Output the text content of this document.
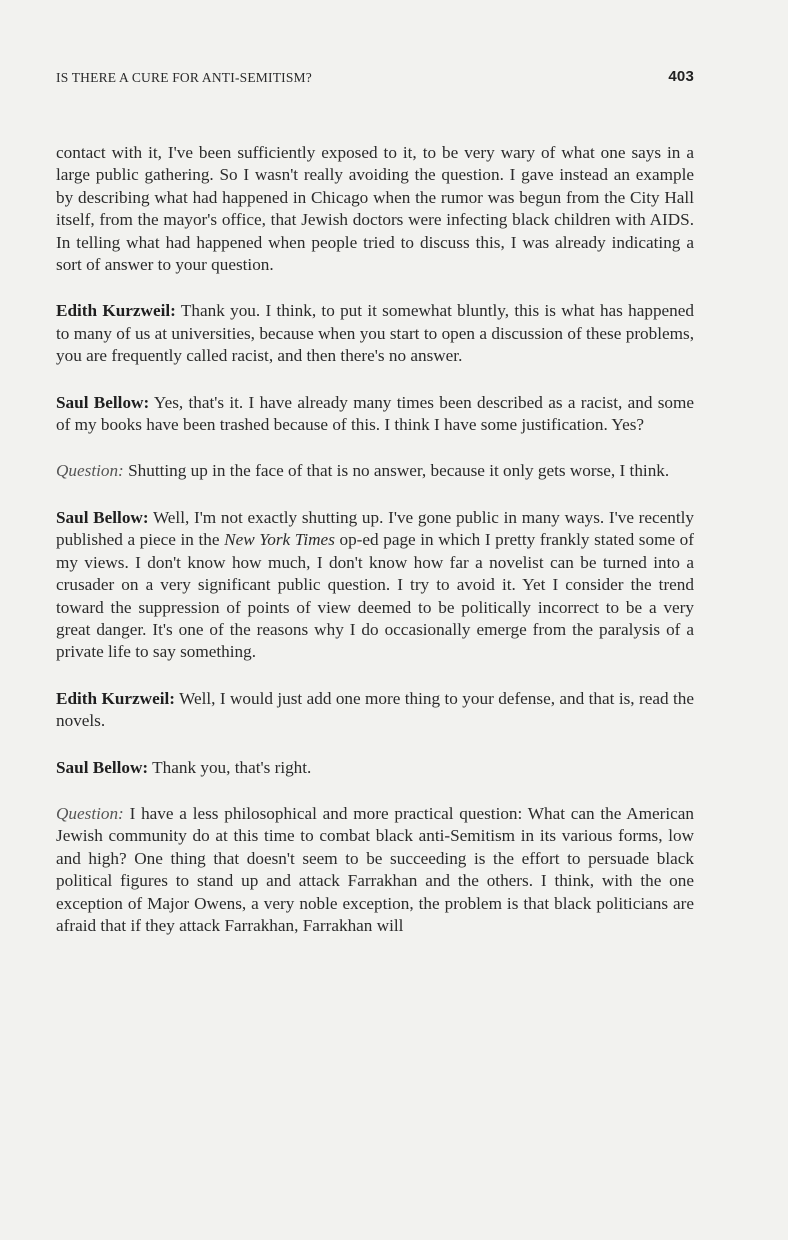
IS THERE A CURE FOR ANTI-SEMITISM?	403

contact with it, I've been sufficiently exposed to it, to be very wary of what one says in a large public gathering. So I wasn't really avoiding the question. I gave instead an example by describing what had happened in Chicago when the rumor was begun from the City Hall itself, from the mayor's office, that Jewish doctors were infecting black children with AIDS. In telling what had happened when people tried to discuss this, I was already indicating a sort of answer to your question.

Edith Kurzweil: Thank you. I think, to put it somewhat bluntly, this is what has happened to many of us at universities, because when you start to open a discussion of these problems, you are frequently called racist, and then there's no answer.

Saul Bellow: Yes, that's it. I have already many times been described as a racist, and some of my books have been trashed because of this. I think I have some justification. Yes?

Question: Shutting up in the face of that is no answer, because it only gets worse, I think.

Saul Bellow: Well, I'm not exactly shutting up. I've gone public in many ways. I've recently published a piece in the New York Times op-ed page in which I pretty frankly stated some of my views. I don't know how much, I don't know how far a novelist can be turned into a crusader on a very significant public question. I try to avoid it. Yet I consider the trend toward the suppression of points of view deemed to be politically incorrect to be a very great danger. It's one of the reasons why I do occasionally emerge from the paralysis of a private life to say something.

Edith Kurzweil: Well, I would just add one more thing to your defense, and that is, read the novels.

Saul Bellow: Thank you, that's right.

Question: I have a less philosophical and more practical question: What can the American Jewish community do at this time to combat black anti-Semitism in its various forms, low and high? One thing that doesn't seem to be succeeding is the effort to persuade black political figures to stand up and attack Farrakhan and the others. I think, with the one exception of Major Owens, a very noble exception, the problem is that black politicians are afraid that if they attack Farrakhan, Farrakhan will
